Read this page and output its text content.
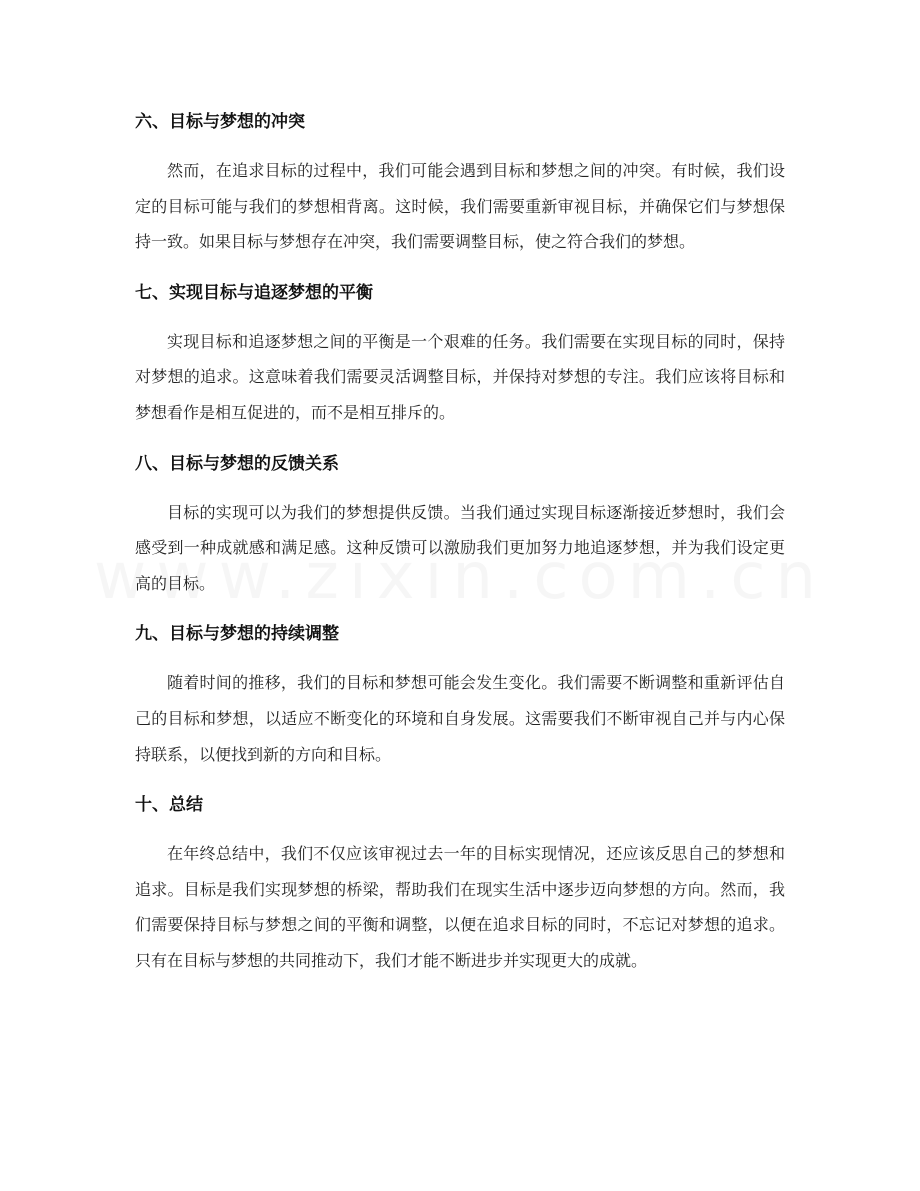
六、目标与梦想的冲突

然而，在追求目标的过程中，我们可能会遇到目标和梦想之间的冲突。有时候，我们设定的目标可能与我们的梦想相背离。这时候，我们需要重新审视目标，并确保它们与梦想保持一致。如果目标与梦想存在冲突，我们需要调整目标，使之符合我们的梦想。

七、实现目标与追逐梦想的平衡

实现目标和追逐梦想之间的平衡是一个艰难的任务。我们需要在实现目标的同时，保持对梦想的追求。这意味着我们需要灵活调整目标，并保持对梦想的专注。我们应该将目标和梦想看作是相互促进的，而不是相互排斥的。

八、目标与梦想的反馈关系

目标的实现可以为我们的梦想提供反馈。当我们通过实现目标逐渐接近梦想时，我们会感受到一种成就感和满足感。这种反馈可以激励我们更加努力地追逐梦想，并为我们设定更高的目标。

九、目标与梦想的持续调整

随着时间的推移，我们的目标和梦想可能会发生变化。我们需要不断调整和重新评估自己的目标和梦想，以适应不断变化的环境和自身发展。这需要我们不断审视自己并与内心保持联系，以便找到新的方向和目标。

十、总结

在年终总结中，我们不仅应该审视过去一年的目标实现情况，还应该反思自己的梦想和追求。目标是我们实现梦想的桥梁，帮助我们在现实生活中逐步迈向梦想的方向。然而，我们需要保持目标与梦想之间的平衡和调整，以便在追求目标的同时，不忘记对梦想的追求。只有在目标与梦想的共同推动下，我们才能不断进步并实现更大的成就。
